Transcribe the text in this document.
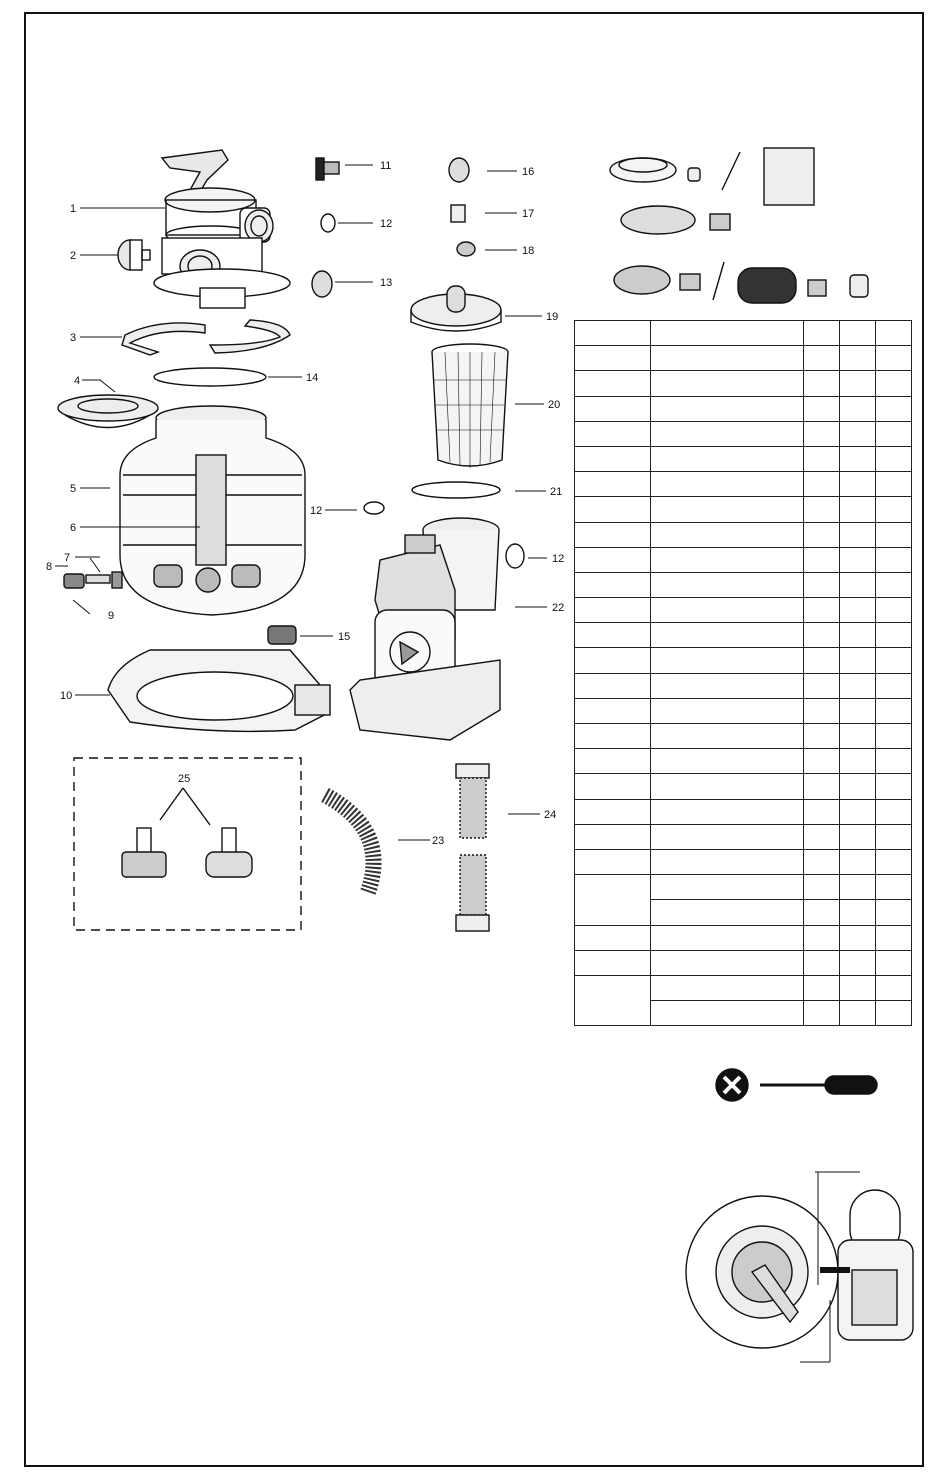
1
2
3
4
5
6
7
8
9
10
11
12
13
14
12
15
16
17
18
19
20
21
12
22
23
24
25
